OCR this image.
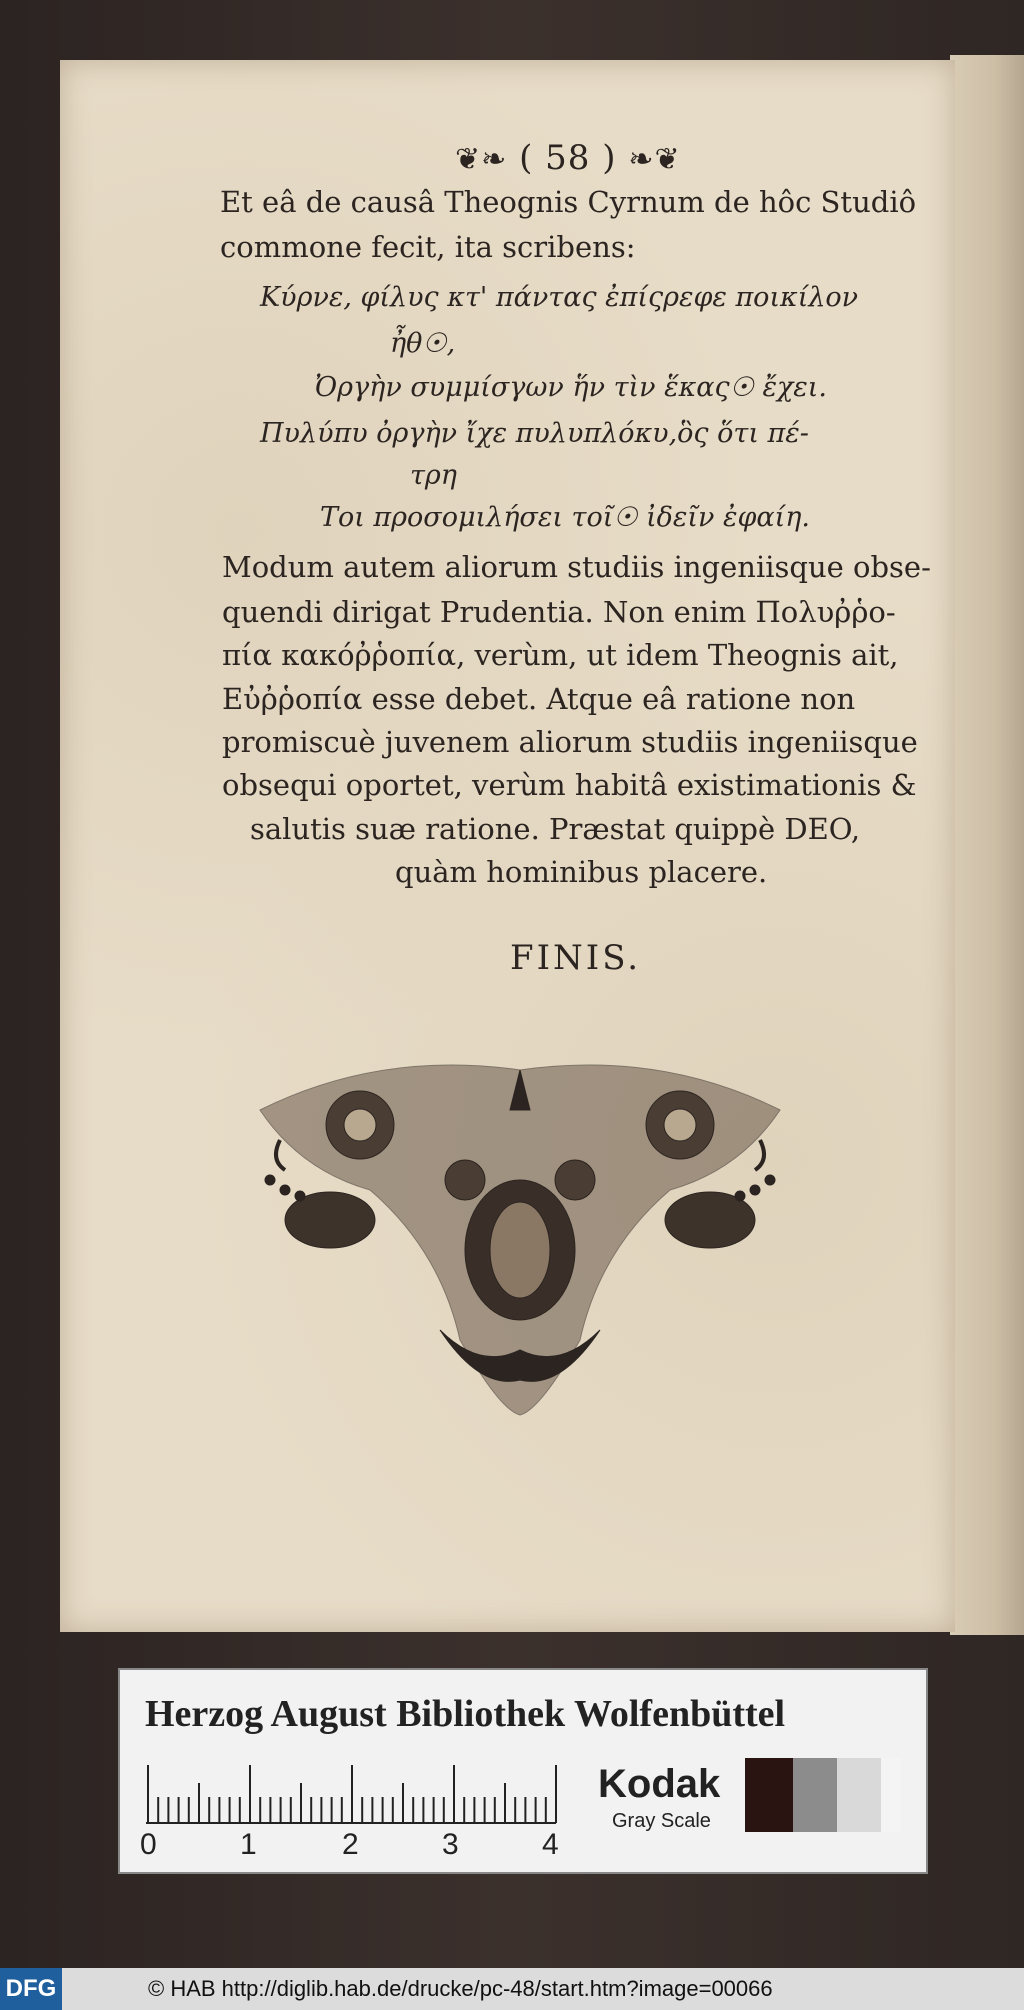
❦❧ ( 58 ) ❧❦
Et eâ de causâ Theognis Cyrnum de hôc Studiô
commone fecit, ita scribens:
Κύρνε, φίλυς κτ' πάντας ἐπίςρεφε ποικίλον
ἦθ☉,
Ὀργὴν συμμίσγων ἥν τὶν ἕκας☉ ἔχει.
Πυλύπυ ὀργὴν ἴχε πυλυπλόκυ,ὃς ὅτι πέ-
τρη
Τοι προσομιλήσει τοῖ☉ ἰδεῖν ἐφαίη.
Modum autem aliorum studiis ingeniisque obse-
quendi dirigat Prudentia. Non enim Πολυῤῥο-
πία κακόῤῥοπία, verùm, ut idem Theognis ait,
Εὐῤῥοπία esse debet. Atque eâ ratione non
promiscuè juvenem aliorum studiis ingeniisque
obsequi oportet, verùm habitâ existimationis &
salutis suæ ratione. Præstat quippè DEO,
quàm hominibus placere.
FINIS.
Herzog August Bibliothek Wolfenbüttel
0	1	2	3	4
Kodak
Gray Scale
DFG	© HAB http://diglib.hab.de/drucke/pc-48/start.htm?image=00066
